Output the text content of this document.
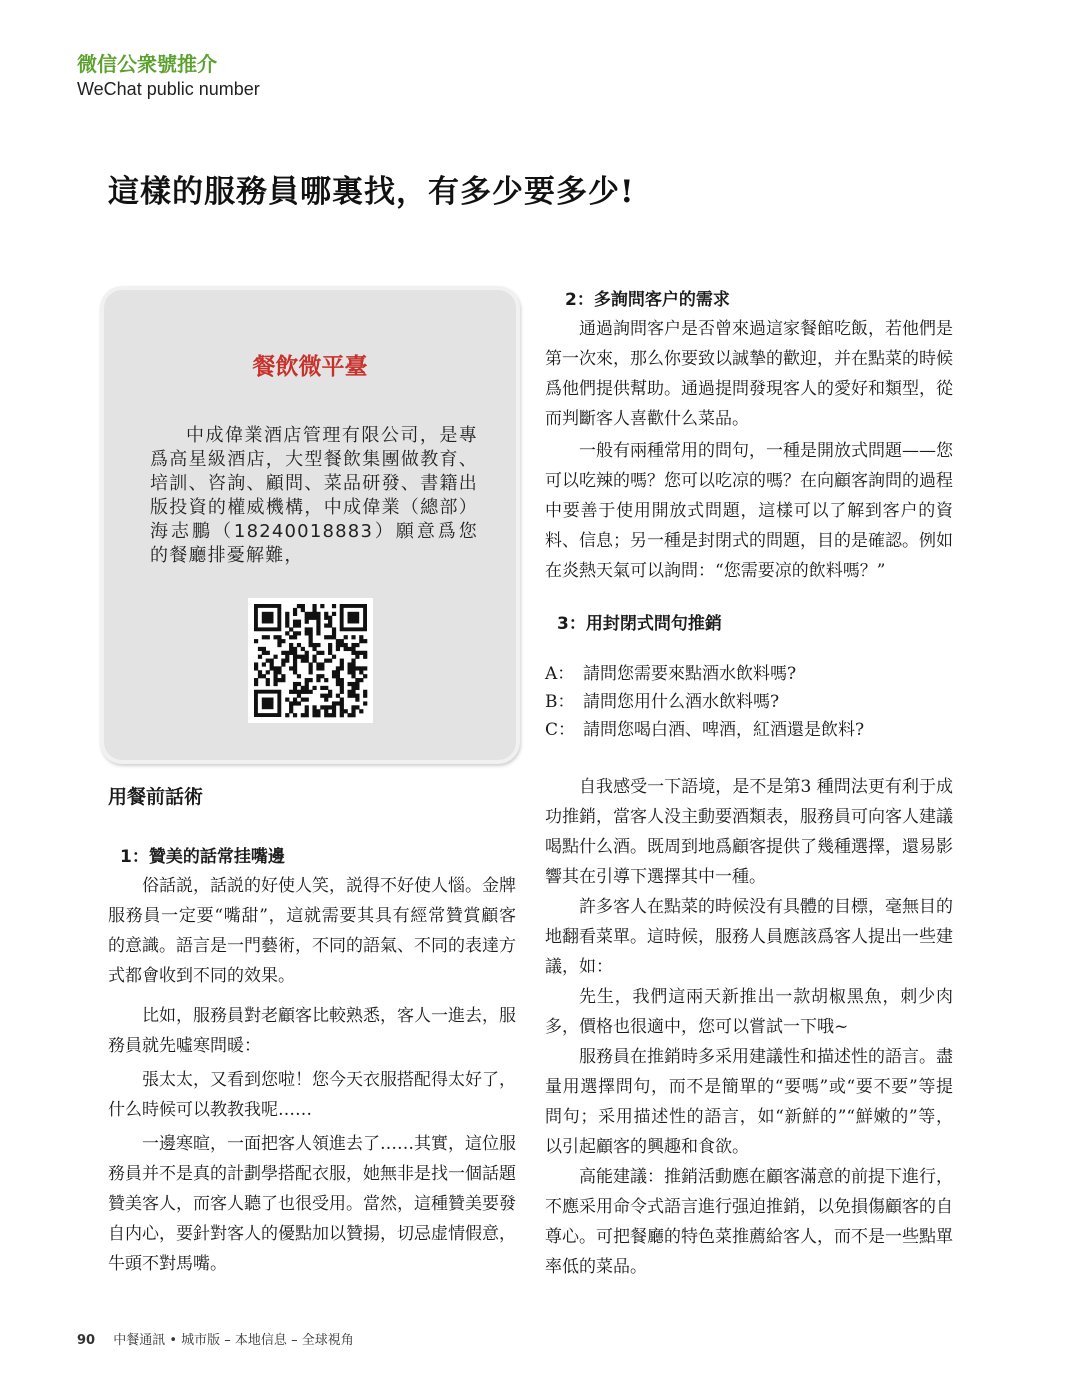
微信公衆號推介
WeChat public number
這樣的服務員哪裏找，有多少要多少!
餐飲微平臺
中成偉業酒店管理有限公司，是專爲高星級酒店，大型餐飲集團做教育、培訓、咨詢、顧問、菜品研發、書籍出版投資的權威機構，中成偉業（總部）海志鵬（18240018883）願意爲您的餐廳排憂解難，
用餐前話術
1：贊美的話常挂嘴邊

俗話説，話説的好使人笑，説得不好使人惱。金牌服務員一定要“嘴甜”，這就需要其具有經常贊賞顧客的意識。語言是一門藝術，不同的語氣、不同的表達方式都會收到不同的效果。

比如，服務員對老顧客比較熟悉，客人一進去，服務員就先噓寒問暖：

張太太，又看到您啦！您今天衣服搭配得太好了，什么時候可以教教我呢……

一邊寒暄，一面把客人領進去了……其實，這位服務員并不是真的計劃學搭配衣服，她無非是找一個話題贊美客人，而客人聽了也很受用。當然，這種贊美要發自内心，要針對客人的優點加以贊揚，切忌虚情假意，牛頭不對馬嘴。

2：多詢問客户的需求

通過詢問客户是否曾來過這家餐館吃飯，若他們是第一次來，那么你要致以誠摯的歡迎，并在點菜的時候爲他們提供幫助。通過提問發現客人的愛好和類型，從而判斷客人喜歡什么菜品。

一般有兩種常用的問句，一種是開放式問題——您可以吃辣的嗎？您可以吃凉的嗎？在向顧客詢問的過程中要善于使用開放式問題，這樣可以了解到客户的資料、信息；另一種是封閉式的問題，目的是確認。例如在炎熱天氣可以詢問：“您需要凉的飲料嗎？”

3：用封閉式問句推銷

A： 請問您需要來點酒水飲料嗎?

B： 請問您用什么酒水飲料嗎?

C： 請問您喝白酒、啤酒，紅酒還是飲料?

自我感受一下語境，是不是第3 種問法更有利于成功推銷，當客人没主動要酒類表，服務員可向客人建議喝點什么酒。既周到地爲顧客提供了幾種選擇，還易影響其在引導下選擇其中一種。

許多客人在點菜的時候没有具體的目標，毫無目的地翻看菜單。這時候，服務人員應該爲客人提出一些建議，如：

先生，我們這兩天新推出一款胡椒黑魚，刺少肉多，價格也很適中，您可以嘗試一下哦~

服務員在推銷時多采用建議性和描述性的語言。盡量用選擇問句，而不是簡單的“要嗎”或“要不要”等提問句；采用描述性的語言，如“新鮮的”“鮮嫩的”等，以引起顧客的興趣和食欲。

高能建議：推銷活動應在顧客滿意的前提下進行，不應采用命令式語言進行强迫推銷，以免損傷顧客的自尊心。可把餐廳的特色菜推薦給客人，而不是一些點單率低的菜品。

90 中餐通訊 • 城市版 – 本地信息 – 全球視角
